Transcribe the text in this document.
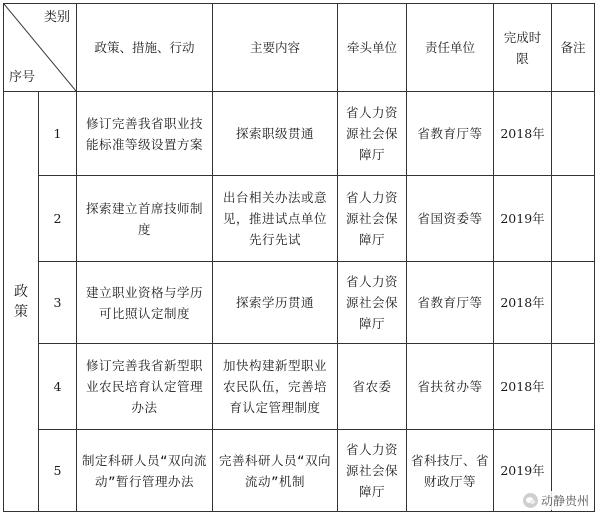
类别
序号		政策、措施、行动	主要内容	牵头单位	责任单位	完成时限	备注

政策	1	修订完善我省职业技能标准等级设置方案	探索职级贯通	省人力资源社会保障厅	省教育厅等	2018年	
	2	探索建立首席技师制度	出台相关办法或意见，推进试点单位先行先试	省人力资源社会保障厅	省国资委等	2019年	
	3	建立职业资格与学历可比照认定制度	探索学历贯通	省人力资源社会保障厅	省教育厅等	2018年	
	4	修订完善我省新型职业农民培育认定管理办法	加快构建新型职业农民队伍，完善培育认定管理制度	省农委	省扶贫办等	2018年	
	5	制定科研人员“双向流动”暂行管理办法	完善科研人员“双向流动”机制	省人力资源社会保障厅	省科技厅、省财政厅等	2019年	
动静贵州
